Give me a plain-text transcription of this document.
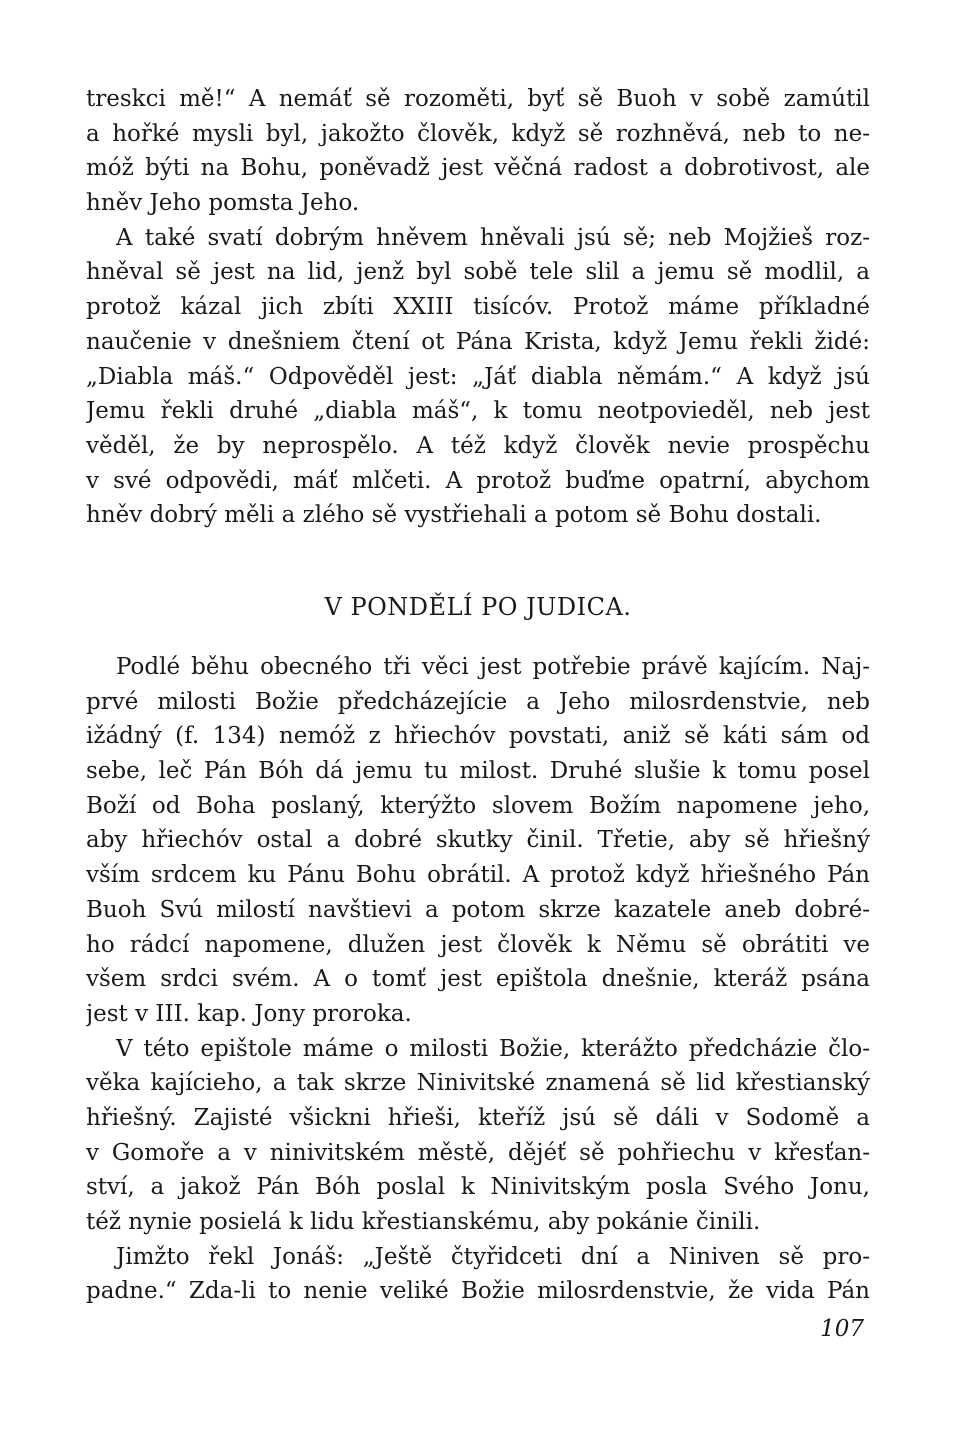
treskci mě!“ A nemáť sě rozoměti, byť sě Buoh v sobě zamútil
a hořké mysli byl, jakožto člověk, když sě rozhněvá, neb to ne-
móž býti na Bohu, poněvadž jest věčná radost a dobrotivost, ale
hněv Jeho pomsta Jeho.
A také svatí dobrým hněvem hněvali jsú sě; neb Mojžieš roz-
hněval sě jest na lid, jenž byl sobě tele slil a jemu sě modlil, a
protož kázal jich zbíti XXIII tisícóv. Protož máme příkladné
naučenie v dnešniem čtení ot Pána Krista, když Jemu řekli židé:
„Diabla máš.“ Odpověděl jest: „Jáť diabla němám.“ A když jsú
Jemu řekli druhé „diabla máš“, k tomu neotpovieděl, neb jest
věděl, že by neprospělo. A též když člověk nevie prospěchu
v své odpovědi, máť mlčeti. A protož buďme opatrní, abychom
hněv dobrý měli a zlého sě vystřiehali a potom sě Bohu dostali.
V PONDĚLÍ PO JUDICA.
Podlé běhu obecného tři věci jest potřebie právě kajícím. Naj-
prvé milosti Božie předcházejície a Jeho milosrdenstvie, neb
ižádný (f. 134) nemóž z hřiechóv povstati, aniž sě káti sám od
sebe, leč Pán Bóh dá jemu tu milost. Druhé slušie k tomu posel
Boží od Boha poslaný, kterýžto slovem Božím napomene jeho,
aby hřiechóv ostal a dobré skutky činil. Třetie, aby sě hřiešný
vším srdcem ku Pánu Bohu obrátil. A protož když hřiešného Pán
Buoh Svú milostí navštievi a potom skrze kazatele aneb dobré-
ho rádcí napomene, dlužen jest člověk k Němu sě obrátiti ve
všem srdci svém. A o tomť jest epištola dnešnie, kteráž psána
jest v III. kap. Jony proroka.
V této epištole máme o milosti Božie, kterážto předcházie člo-
věka kajícieho, a tak skrze Ninivitské znamená sě lid křestianský
hřiešný. Zajisté všickni hřieši, kteříž jsú sě dáli v Sodomě a
v Gomoře a v ninivitském městě, dějéť sě pohřiechu v křesťan-
ství, a jakož Pán Bóh poslal k Ninivitským posla Svého Jonu,
též nynie posielá k lidu křestianskému, aby pokánie činili.
Jimžto řekl Jonáš: „Ještě čtyřidceti dní a Niniven sě pro-
padne.“ Zda-li to nenie veliké Božie milosrdenstvie, že vida Pán
107
